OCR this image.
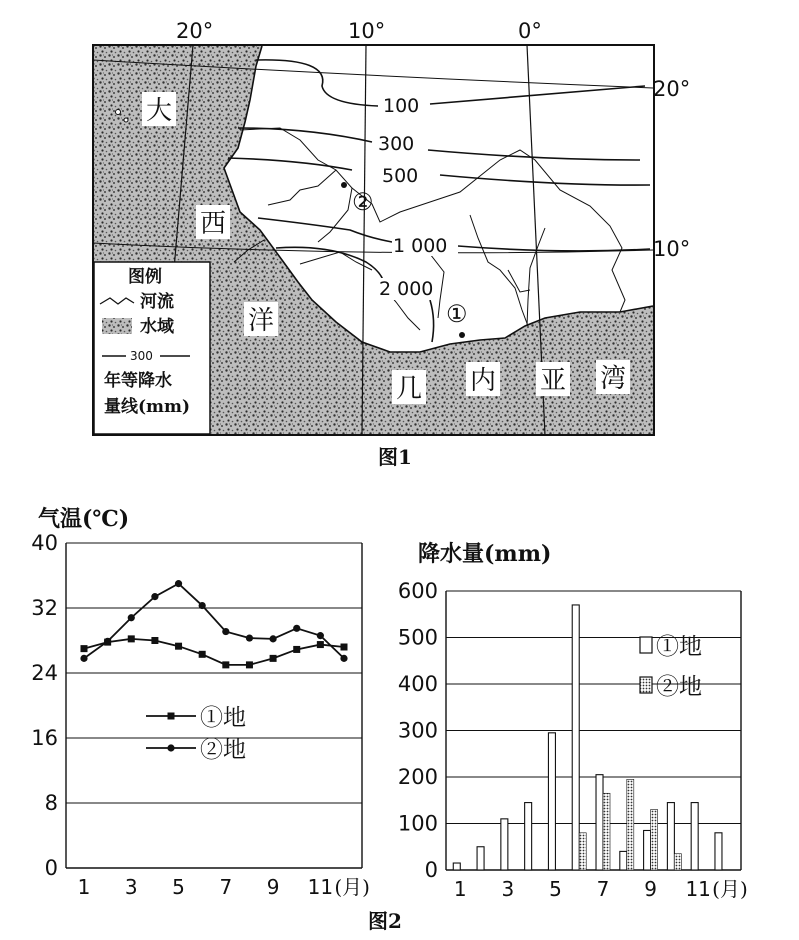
100
300
500
1 000
2 000
②
①
大
西
洋
几 内 亚 湾
图例
河流
水域
300
年等降水
量线(mm)
20°	10°	0°
20°
10°
图1
气温(℃)
0
8
16
24
32
40
1 3 5 7 9 11 (月)
①地
②地
降水量(mm)
0
100
200
300
400
500
600
1 3 5 7 9 11 (月)
①地
②地
图2
